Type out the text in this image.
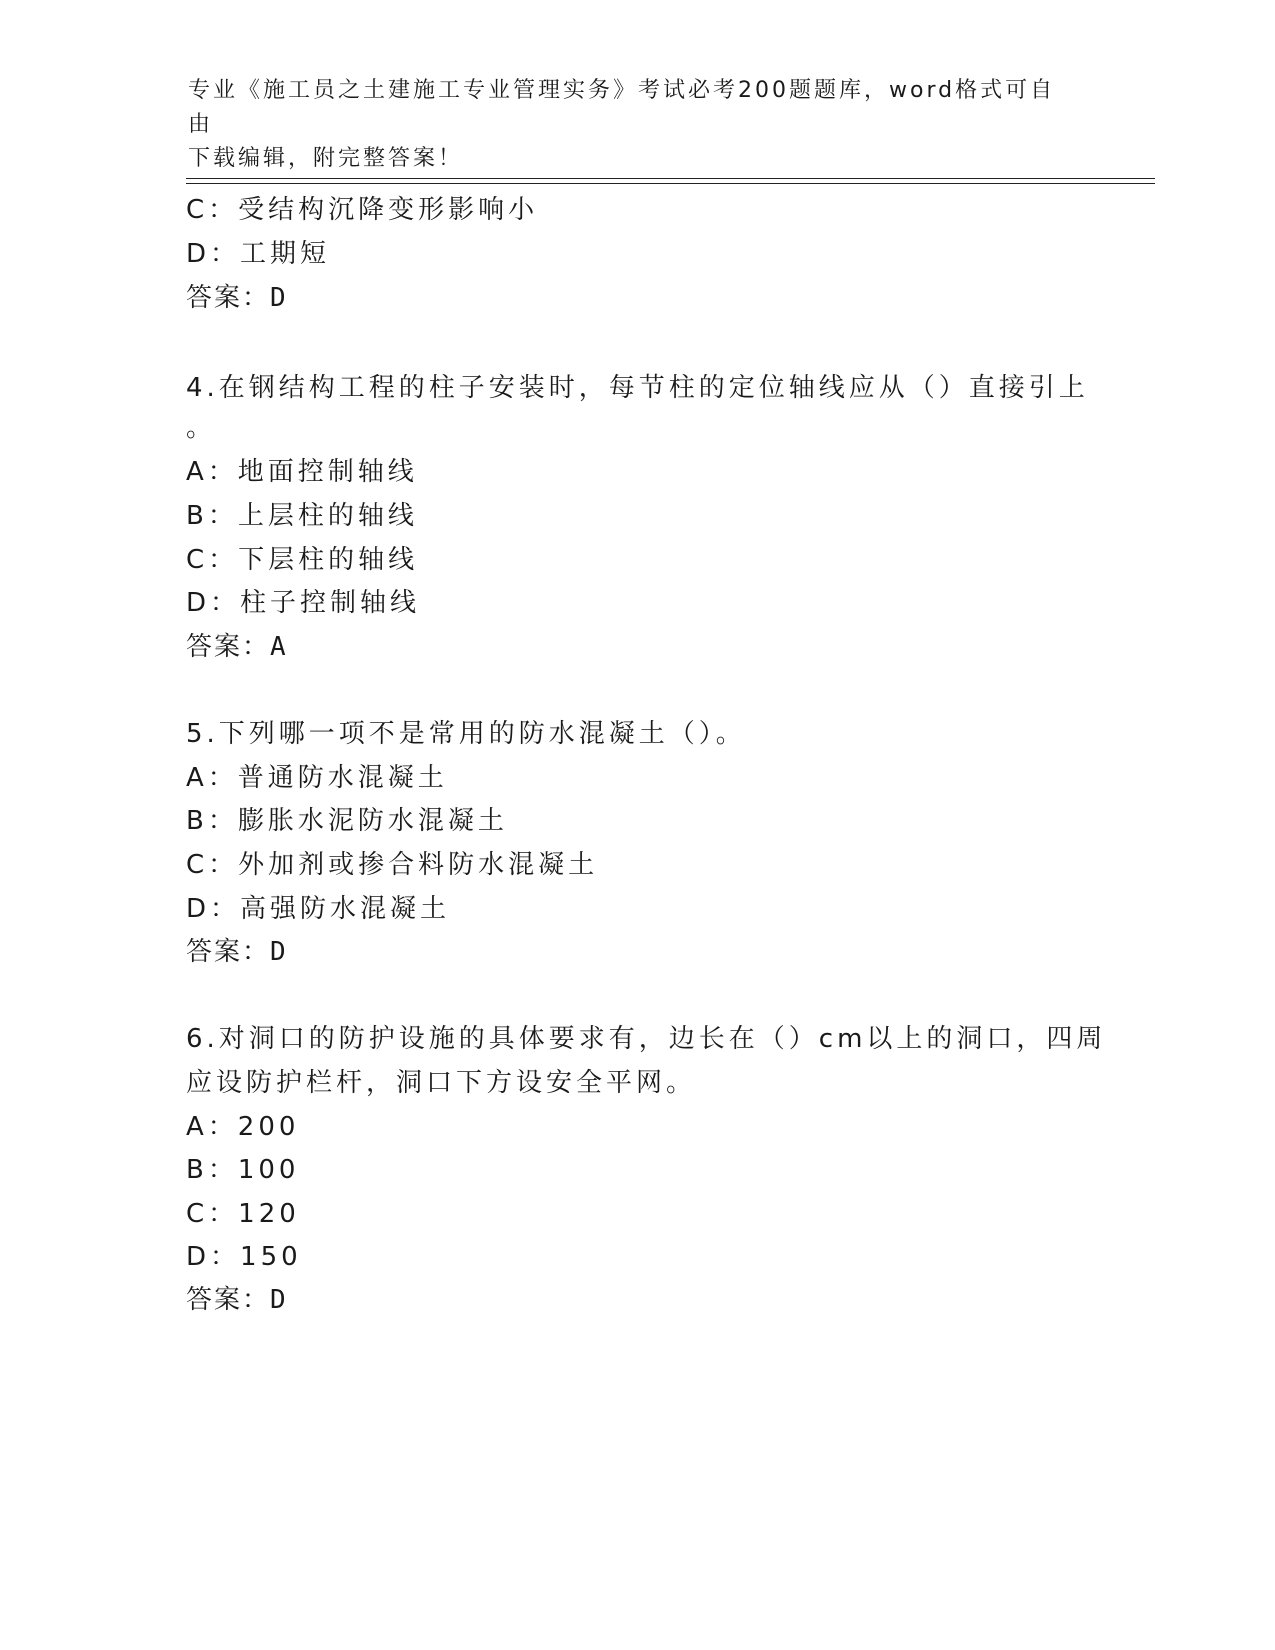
专业《施工员之土建施工专业管理实务》考试必考200题题库，word格式可自由
下载编辑，附完整答案！
C：受结构沉降变形影响小
D：工期短
答案：D
4.在钢结构工程的柱子安装时，每节柱的定位轴线应从（）直接引上
。
A：地面控制轴线
B：上层柱的轴线
C：下层柱的轴线
D：柱子控制轴线
答案：A
5.下列哪一项不是常用的防水混凝土（）。
A：普通防水混凝土
B：膨胀水泥防水混凝土
C：外加剂或掺合料防水混凝土
D：高强防水混凝土
答案：D
6.对洞口的防护设施的具体要求有，边长在（）cm以上的洞口，四周
应设防护栏杆，洞口下方设安全平网。
A：200
B：100
C：120
D：150
答案：D
